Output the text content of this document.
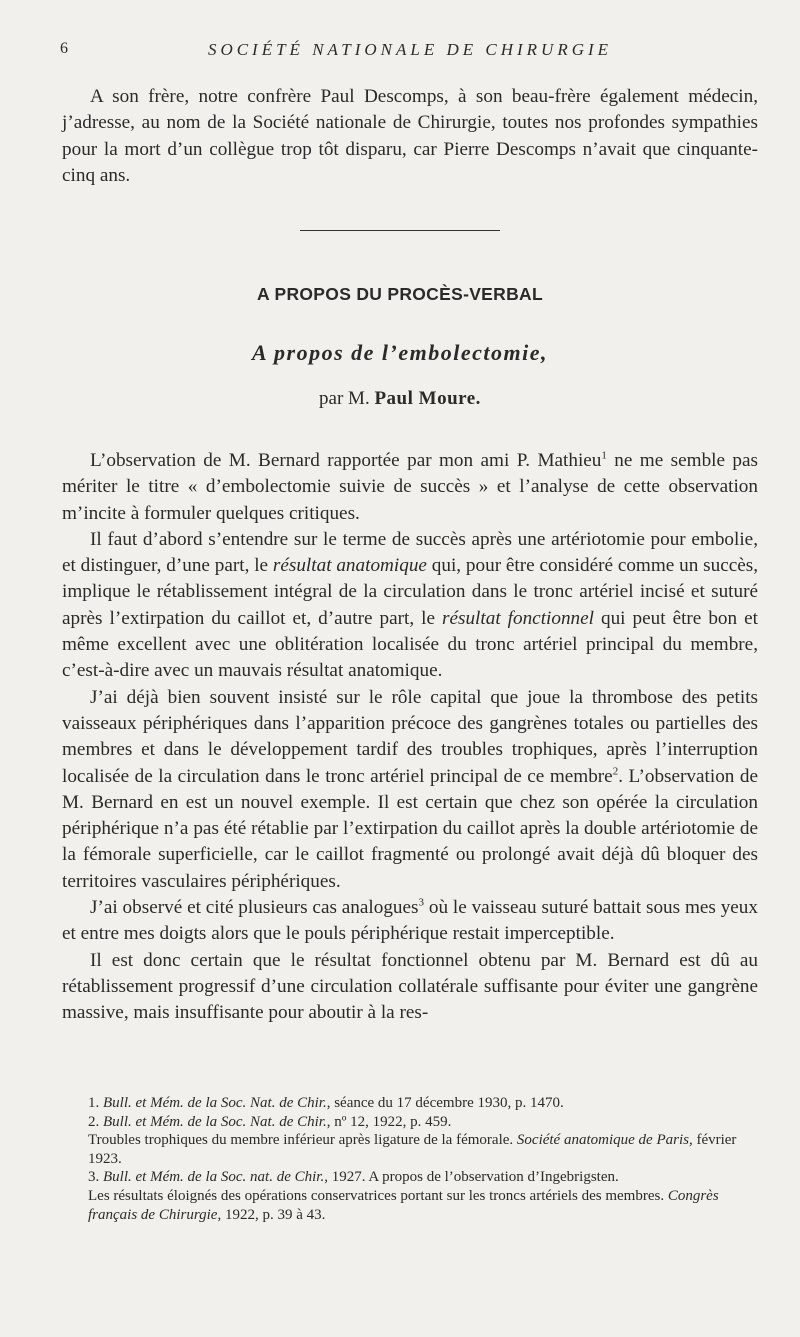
6	SOCIÉTÉ NATIONALE DE CHIRURGIE

A son frère, notre confrère Paul Descomps, à son beau-frère également médecin, j’adresse, au nom de la Société nationale de Chirurgie, toutes nos profondes sympathies pour la mort d’un collègue trop tôt disparu, car Pierre Descomps n’avait que cinquante-cinq ans.

A PROPOS DU PROCÈS-VERBAL
A propos de l’embolectomie,
par M. Paul Moure.

L’observation de M. Bernard rapportée par mon ami P. Mathieu$^1$ ne me semble pas mériter le titre « d’embolectomie suivie de succès » et l’analyse de cette observation m’incite à formuler quelques critiques.

Il faut d’abord s’entendre sur le terme de succès après une artériotomie pour embolie, et distinguer, d’une part, le résultat anatomique qui, pour être considéré comme un succès, implique le rétablissement intégral de la circulation dans le tronc artériel incisé et suturé après l’extirpation du caillot et, d’autre part, le résultat fonctionnel qui peut être bon et même excellent avec une oblitération localisée du tronc artériel principal du membre, c’est-à-dire avec un mauvais résultat anatomique.

J’ai déjà bien souvent insisté sur le rôle capital que joue la thrombose des petits vaisseaux périphériques dans l’apparition précoce des gangrènes totales ou partielles des membres et dans le développement tardif des troubles trophiques, après l’interruption localisée de la circulation dans le tronc artériel principal de ce membre$^2$. L’observation de M. Bernard en est un nouvel exemple. Il est certain que chez son opérée la circulation périphérique n’a pas été rétablie par l’extirpation du caillot après la double artériotomie de la fémorale superficielle, car le caillot fragmenté ou prolongé avait déjà dû bloquer des territoires vasculaires périphériques.

J’ai observé et cité plusieurs cas analogues$^3$ où le vaisseau suturé battait sous mes yeux et entre mes doigts alors que le pouls périphérique restait imperceptible.

Il est donc certain que le résultat fonctionnel obtenu par M. Bernard est dû au rétablissement progressif d’une circulation collatérale suffisante pour éviter une gangrène massive, mais insuffisante pour aboutir à la res-

1. Bull. et Mém. de la Soc. Nat. de Chir., séance du 17 décembre 1930, p. 1470.

2. Bull. et Mém. de la Soc. Nat. de Chir., nº 12, 1922, p. 459.

Troubles trophiques du membre inférieur après ligature de la fémorale. Société anatomique de Paris, février 1923.

3. Bull. et Mém. de la Soc. nat. de Chir., 1927. A propos de l’observation d’Ingebrigsten.

Les résultats éloignés des opérations conservatrices portant sur les troncs artériels des membres. Congrès français de Chirurgie, 1922, p. 39 à 43.
